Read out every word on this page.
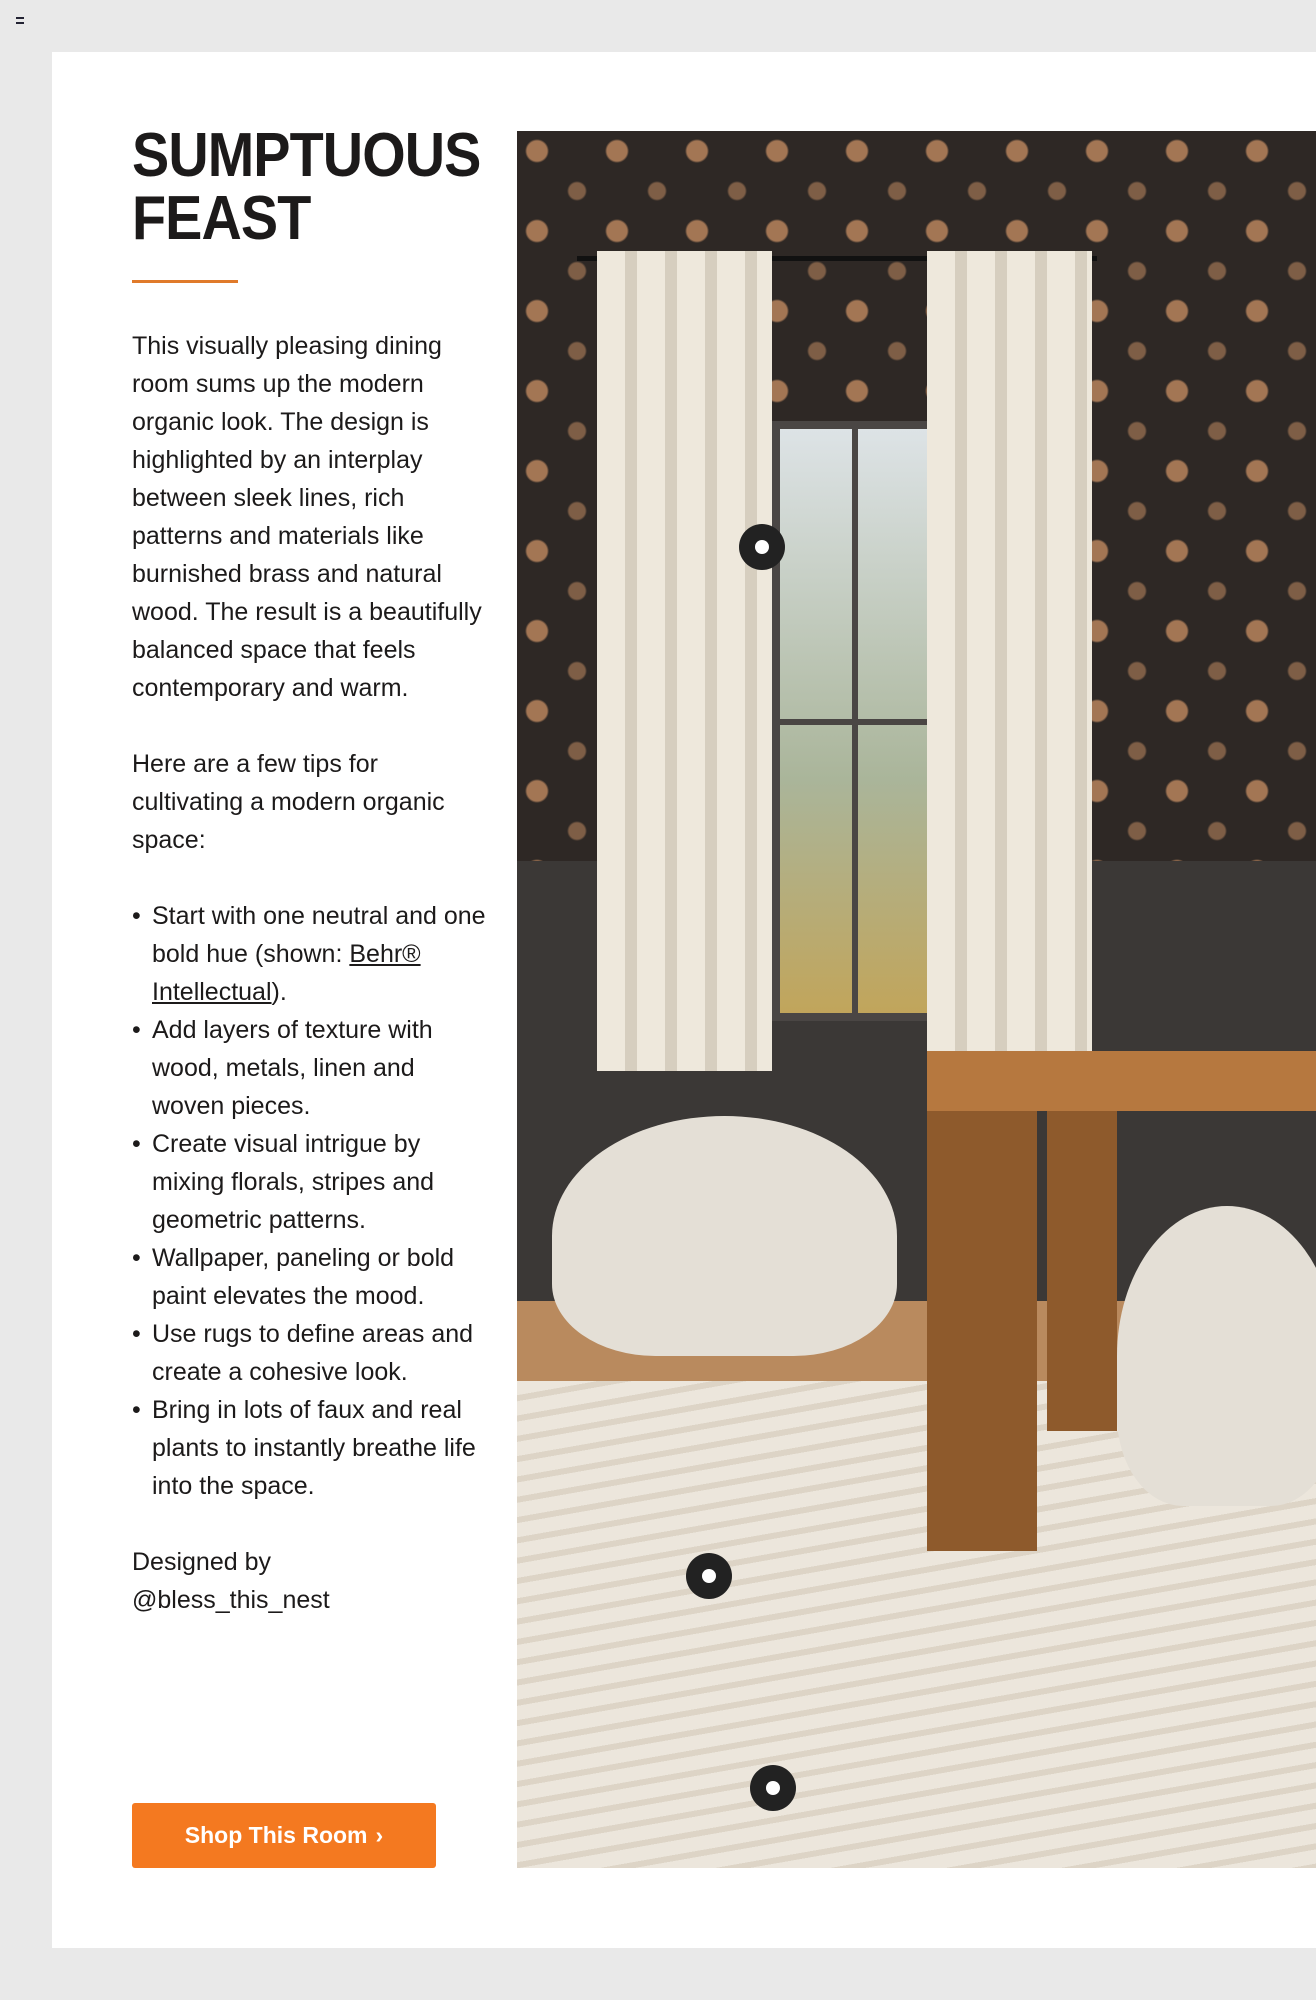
SUMPTUOUS
FEAST

This visually pleasing dining room sums up the modern organic look. The design is highlighted by an interplay between sleek lines, rich patterns and materials like burnished brass and natural wood. The result is a beautifully balanced space that feels contemporary and warm.

Here are a few tips for cultivating a modern organic space:

• Start with one neutral and one bold hue (shown: Behr® Intellectual).
• Add layers of texture with wood, metals, linen and woven pieces.
• Create visual intrigue by mixing florals, stripes and geometric patterns.
• Wallpaper, paneling or bold paint elevates the mood.
• Use rugs to define areas and create a cohesive look.
• Bring in lots of faux and real plants to instantly breathe life into the space.

Designed by
@bless_this_nest

Shop This Room ›
